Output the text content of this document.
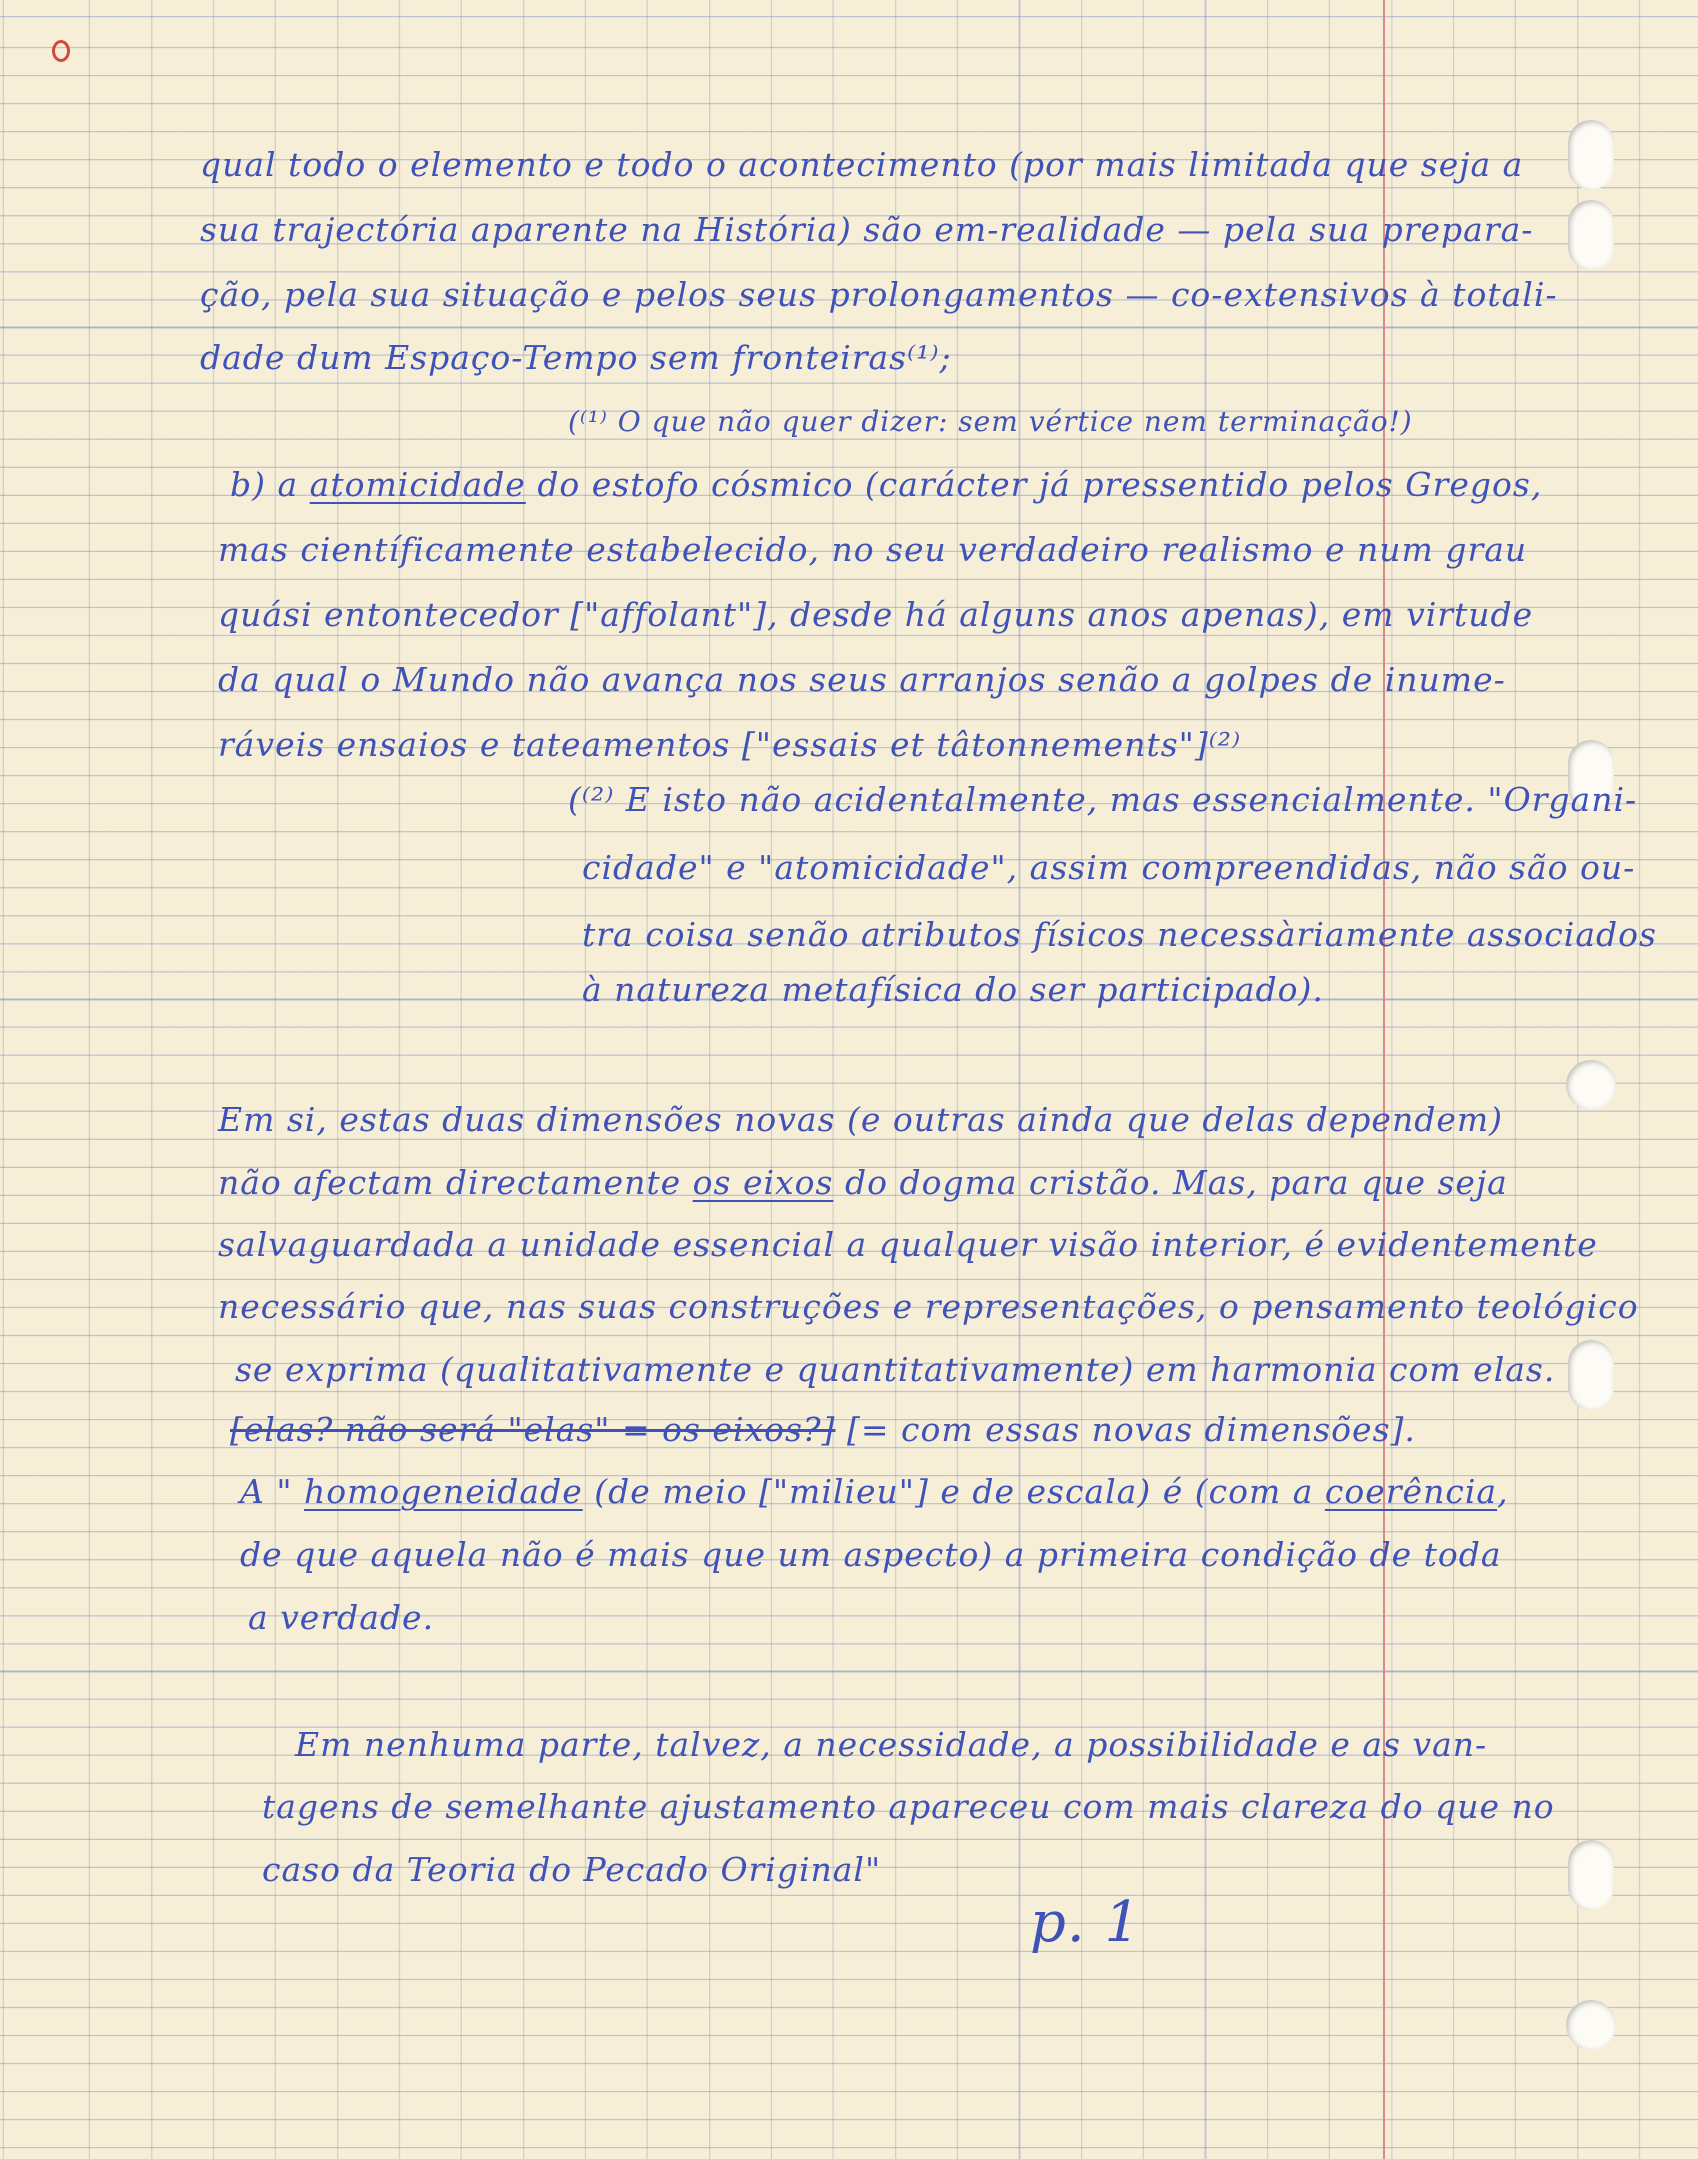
qual todo o elemento e todo o acontecimento (por mais limitada que seja a

sua trajectória aparente na História) são em-realidade — pela sua prepara-

ção, pela sua situação e pelos seus prolongamentos — co-extensivos à totali-

dade dum Espaço-Tempo sem fronteiras⁽¹⁾;

(⁽¹⁾ O que não quer dizer: sem vértice nem terminação!)

b) a atomicidade do estofo cósmico (carácter já pressentido pelos Gregos,

mas científicamente estabelecido, no seu verdadeiro realismo e num grau

quási entontecedor ["affolant"], desde há alguns anos apenas), em virtude

da qual o Mundo não avança nos seus arranjos senão a golpes de inume-

ráveis ensaios e tateamentos ["essais et tâtonnements"]⁽²⁾

(⁽²⁾ E isto não acidentalmente, mas essencialmente. "Organi-

cidade" e "atomicidade", assim compreendidas, não são ou-

tra coisa senão atributos físicos necessàriamente associados

à natureza metafísica do ser participado).

Em si, estas duas dimensões novas (e outras ainda que delas dependem)

não afectam directamente os eixos do dogma cristão. Mas, para que seja

salvaguardada a unidade essencial a qualquer visão interior, é evidentemente

necessário que, nas suas construções e representações, o pensamento teológico

se exprima (qualitativamente e quantitativamente) em harmonia com elas.

[elas? não será "elas" = os eixos?] [= com essas novas dimensões].

A " homogeneidade (de meio ["milieu"] e de escala) é (com a coerência,

de que aquela não é mais que um aspecto) a primeira condição de toda

a verdade.

Em nenhuma parte, talvez, a necessidade, a possibilidade e as van-

tagens de semelhante ajustamento apareceu com mais clareza do que no

caso da Teoria do Pecado Original"

p. 1
